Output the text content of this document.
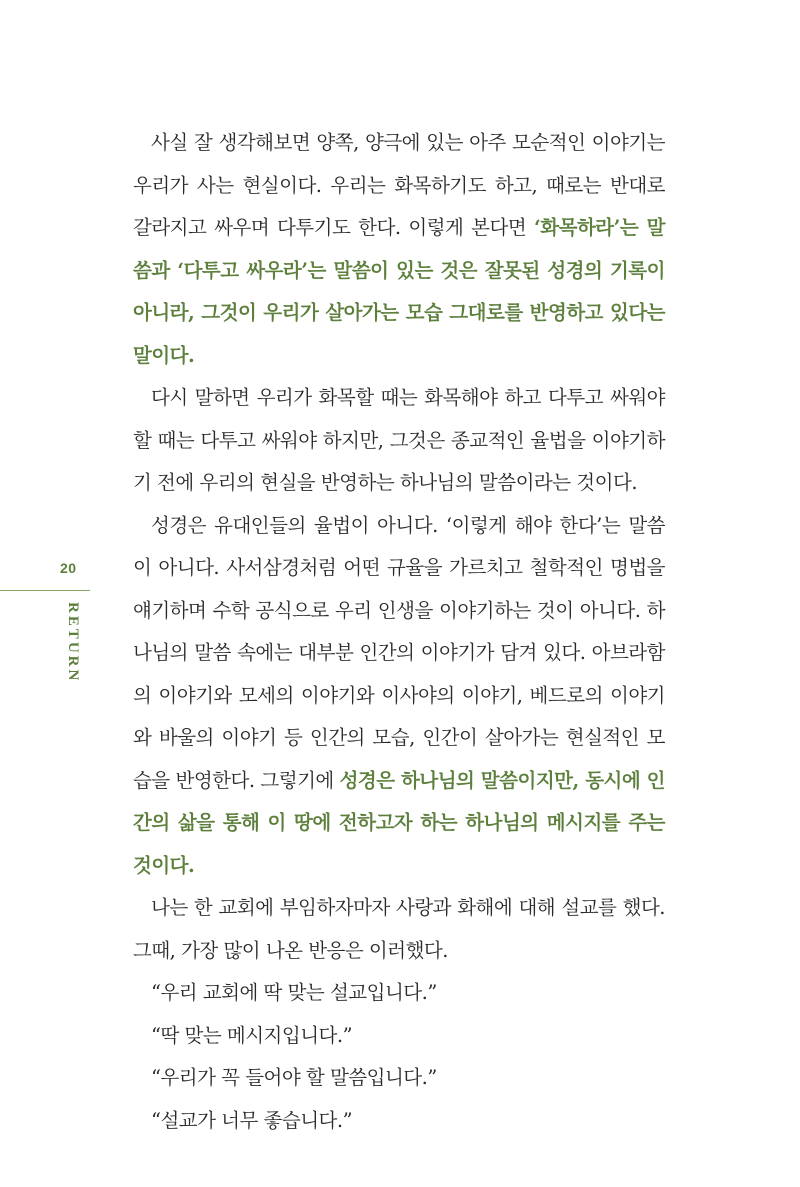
20
RETURN

사실 잘 생각해보면 양쪽, 양극에 있는 아주 모순적인 이야기는 우리가 사는 현실이다. 우리는 화목하기도 하고, 때로는 반대로 갈라지고 싸우며 다투기도 한다. 이렇게 본다면 ‘화목하라’는 말씀과 ‘다투고 싸우라’는 말씀이 있는 것은 잘못된 성경의 기록이 아니라, 그것이 우리가 살아가는 모습 그대로를 반영하고 있다는 말이다.

다시 말하면 우리가 화목할 때는 화목해야 하고 다투고 싸워야 할 때는 다투고 싸워야 하지만, 그것은 종교적인 율법을 이야기하기 전에 우리의 현실을 반영하는 하나님의 말씀이라는 것이다.

성경은 유대인들의 율법이 아니다. ‘이렇게 해야 한다’는 말씀이 아니다. 사서삼경처럼 어떤 규율을 가르치고 철학적인 명법을 얘기하며 수학 공식으로 우리 인생을 이야기하는 것이 아니다. 하나님의 말씀 속에는 대부분 인간의 이야기가 담겨 있다. 아브라함의 이야기와 모세의 이야기와 이사야의 이야기, 베드로의 이야기와 바울의 이야기 등 인간의 모습, 인간이 살아가는 현실적인 모습을 반영한다. 그렇기에 성경은 하나님의 말씀이지만, 동시에 인간의 삶을 통해 이 땅에 전하고자 하는 하나님의 메시지를 주는 것이다.

나는 한 교회에 부임하자마자 사랑과 화해에 대해 설교를 했다. 그때, 가장 많이 나온 반응은 이러했다.

“우리 교회에 딱 맞는 설교입니다.”

“딱 맞는 메시지입니다.”

“우리가 꼭 들어야 할 말씀입니다.”

“설교가 너무 좋습니다.”
